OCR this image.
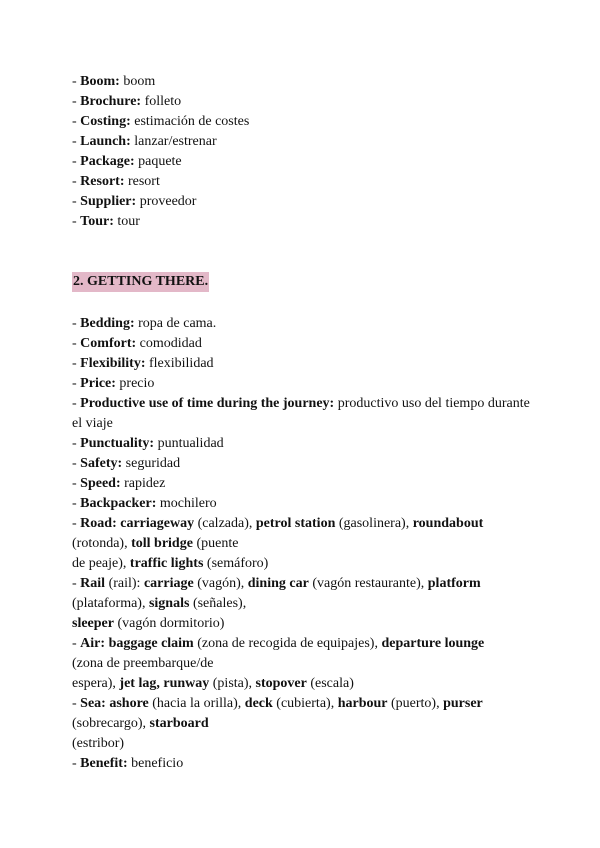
- Boom: boom
- Brochure: folleto
- Costing: estimación de costes
- Launch: lanzar/estrenar
- Package: paquete
- Resort: resort
- Supplier: proveedor
- Tour: tour
2. GETTING THERE.
- Bedding: ropa de cama.
- Comfort: comodidad
- Flexibility: flexibilidad
- Price: precio
- Productive use of time during the journey: productivo uso del tiempo durante el viaje
- Punctuality: puntualidad
- Safety: seguridad
- Speed: rapidez
- Backpacker: mochilero
- Road: carriageway (calzada), petrol station (gasolinera), roundabout
(rotonda), toll bridge (puente
de peaje), traffic lights (semáforo)
- Rail (rail): carriage (vagón), dining car (vagón restaurante), platform
(plataforma), signals (señales),
sleeper (vagón dormitorio)
- Air: baggage claim (zona de recogida de equipajes), departure lounge
(zona de preembarque/de
espera), jet lag, runway (pista), stopover (escala)
- Sea: ashore (hacia la orilla), deck (cubierta), harbour (puerto), purser
(sobrecargo), starboard
(estribor)
- Benefit: beneficio
